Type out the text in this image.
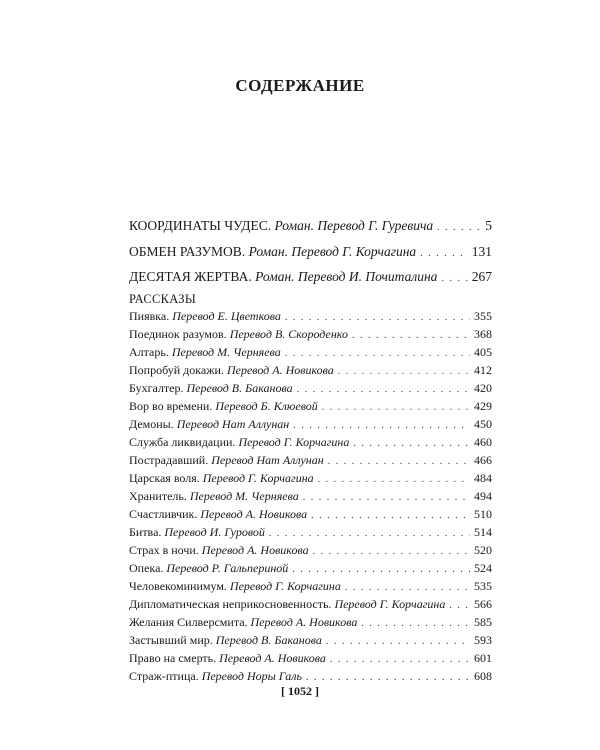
СОДЕРЖАНИЕ
КООРДИНАТЫ ЧУДЕС. Роман. Перевод Г. Гуревича . . .	5
ОБМЕН РАЗУМОВ. Роман. Перевод Г. Корчагина . . .	131
ДЕСЯТАЯ ЖЕРТВА. Роман. Перевод И. Почиталина . . .	267
РАССКАЗЫ
Пиявка. Перевод Е. Цветкова . . .	355
Поединок разумов. Перевод В. Скороденко . . .	368
Алтарь. Перевод М. Черняева . . .	405
Попробуй докажи. Перевод А. Новикова . . .	412
Бухгалтер. Перевод В. Баканова . . .	420
Вор во времени. Перевод Б. Клюевой . . .	429
Демоны. Перевод Нат Аллунан . . .	450
Служба ликвидации. Перевод Г. Корчагина . . .	460
Пострадавший. Перевод Нат Аллунан . . .	466
Царская воля. Перевод Г. Корчагина . . .	484
Хранитель. Перевод М. Черняева . . .	494
Счастливчик. Перевод А. Новикова . . .	510
Битва. Перевод И. Гуровой . . .	514
Страх в ночи. Перевод А. Новикова . . .	520
Опека. Перевод Р. Гальпериной . . .	524
Человекоминимум. Перевод Г. Корчагина . . .	535
Дипломатическая неприкосновенность. Перевод Г. Корчагина . . . 566
Желания Силверсмита. Перевод А. Новикова . . .	585
Застывший мир. Перевод В. Баканова . . .	593
Право на смерть. Перевод А. Новикова . . .	601
Страж-птица. Перевод Норы Галь . . .	608
[ 1052 ]
